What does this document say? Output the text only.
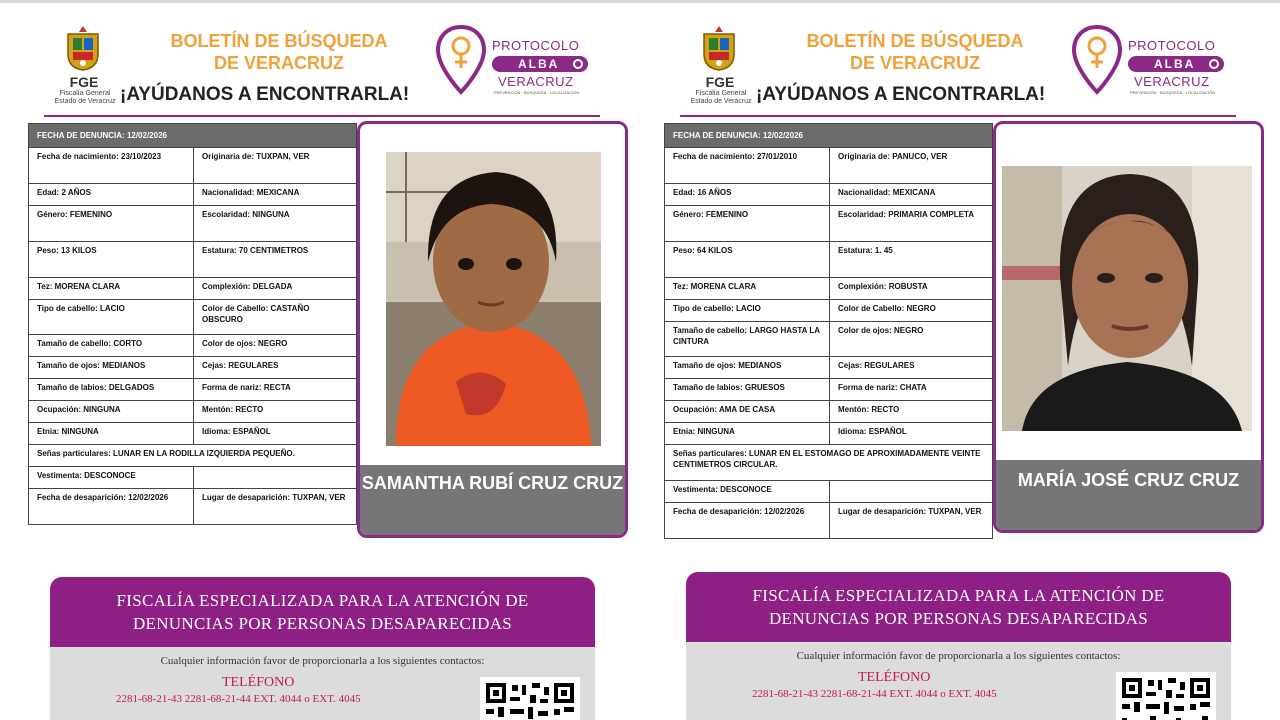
FGE
Fiscalía General
Estado de Veracruz
BOLETÍN DE BÚSQUEDA
DE VERACRUZ
¡AYÚDANOS A ENCONTRARLA!
PROTOCOLO
ALBA
VERACRUZ
PREVENCIÓN · BÚSQUEDA · LOCALIZACIÓN
FECHA DE DENUNCIA: 12/02/2026	
Fecha de nacimiento: 23/10/2023	Originaria de: TUXPAN, VER
Edad: 2 AÑOS	Nacionalidad: MEXICANA
Género: FEMENINO	Escolaridad: NINGUNA
Peso: 13 KILOS	Estatura: 70 CENTIMETROS
Tez: MORENA CLARA	Complexión: DELGADA
Tipo de cabello: LACIO	Color de Cabello: CASTAÑO OBSCURO
Tamaño de cabello: CORTO	Color de ojos: NEGRO
Tamaño de ojos: MEDIANOS	Cejas: REGULARES
Tamaño de labios: DELGADOS	Forma de nariz: RECTA
Ocupación: NINGUNA	Mentón: RECTO
Etnia: NINGUNA	Idioma: ESPAÑOL
Señas particulares: LUNAR EN LA RODILLA IZQUIERDA PEQUEÑO.	
Vestimenta: DESCONOCE	
Fecha de desaparición: 12/02/2026	Lugar de desaparición: TUXPAN, VER
SAMANTHA RUBÍ CRUZ CRUZ
FISCALÍA ESPECIALIZADA PARA LA ATENCIÓN DE
DENUNCIAS POR PERSONAS DESAPARECIDAS
Cualquier información favor de proporcionarla a los siguientes contactos:
TELÉFONO
2281-68-21-43 2281-68-21-44 EXT. 4044 o EXT. 4045
FGE
Fiscalía General
Estado de Veracruz
BOLETÍN DE BÚSQUEDA
DE VERACRUZ
¡AYÚDANOS A ENCONTRARLA!
PROTOCOLO
ALBA
VERACRUZ
PREVENCIÓN · BÚSQUEDA · LOCALIZACIÓN
FECHA DE DENUNCIA: 12/02/2026	
Fecha de nacimiento: 27/01/2010	Originaria de: PANUCO, VER
Edad: 16 AÑOS	Nacionalidad: MEXICANA
Género: FEMENINO	Escolaridad: PRIMARIA COMPLETA
Peso: 64 KILOS	Estatura: 1. 45
Tez: MORENA CLARA	Complexión: ROBUSTA
Tipo de cabello: LACIO	Color de Cabello: NEGRO
Tamaño de cabello: LARGO HASTA LA CINTURA	Color de ojos: NEGRO
Tamaño de ojos: MEDIANOS	Cejas: REGULARES
Tamaño de labios: GRUESOS	Forma de nariz: CHATA
Ocupación: AMA DE CASA	Mentón: RECTO
Etnia: NINGUNA	Idioma: ESPAÑOL
Señas particulares: LUNAR EN EL ESTOMAGO DE APROXIMADAMENTE VEINTE CENTIMETROS CIRCULAR.	
Vestimenta: DESCONOCE	
Fecha de desaparición: 12/02/2026	Lugar de desaparición: TUXPAN, VER
MARÍA JOSÉ CRUZ CRUZ
FISCALÍA ESPECIALIZADA PARA LA ATENCIÓN DE
DENUNCIAS POR PERSONAS DESAPARECIDAS
Cualquier información favor de proporcionarla a los siguientes contactos:
TELÉFONO
2281-68-21-43 2281-68-21-44 EXT. 4044 o EXT. 4045
